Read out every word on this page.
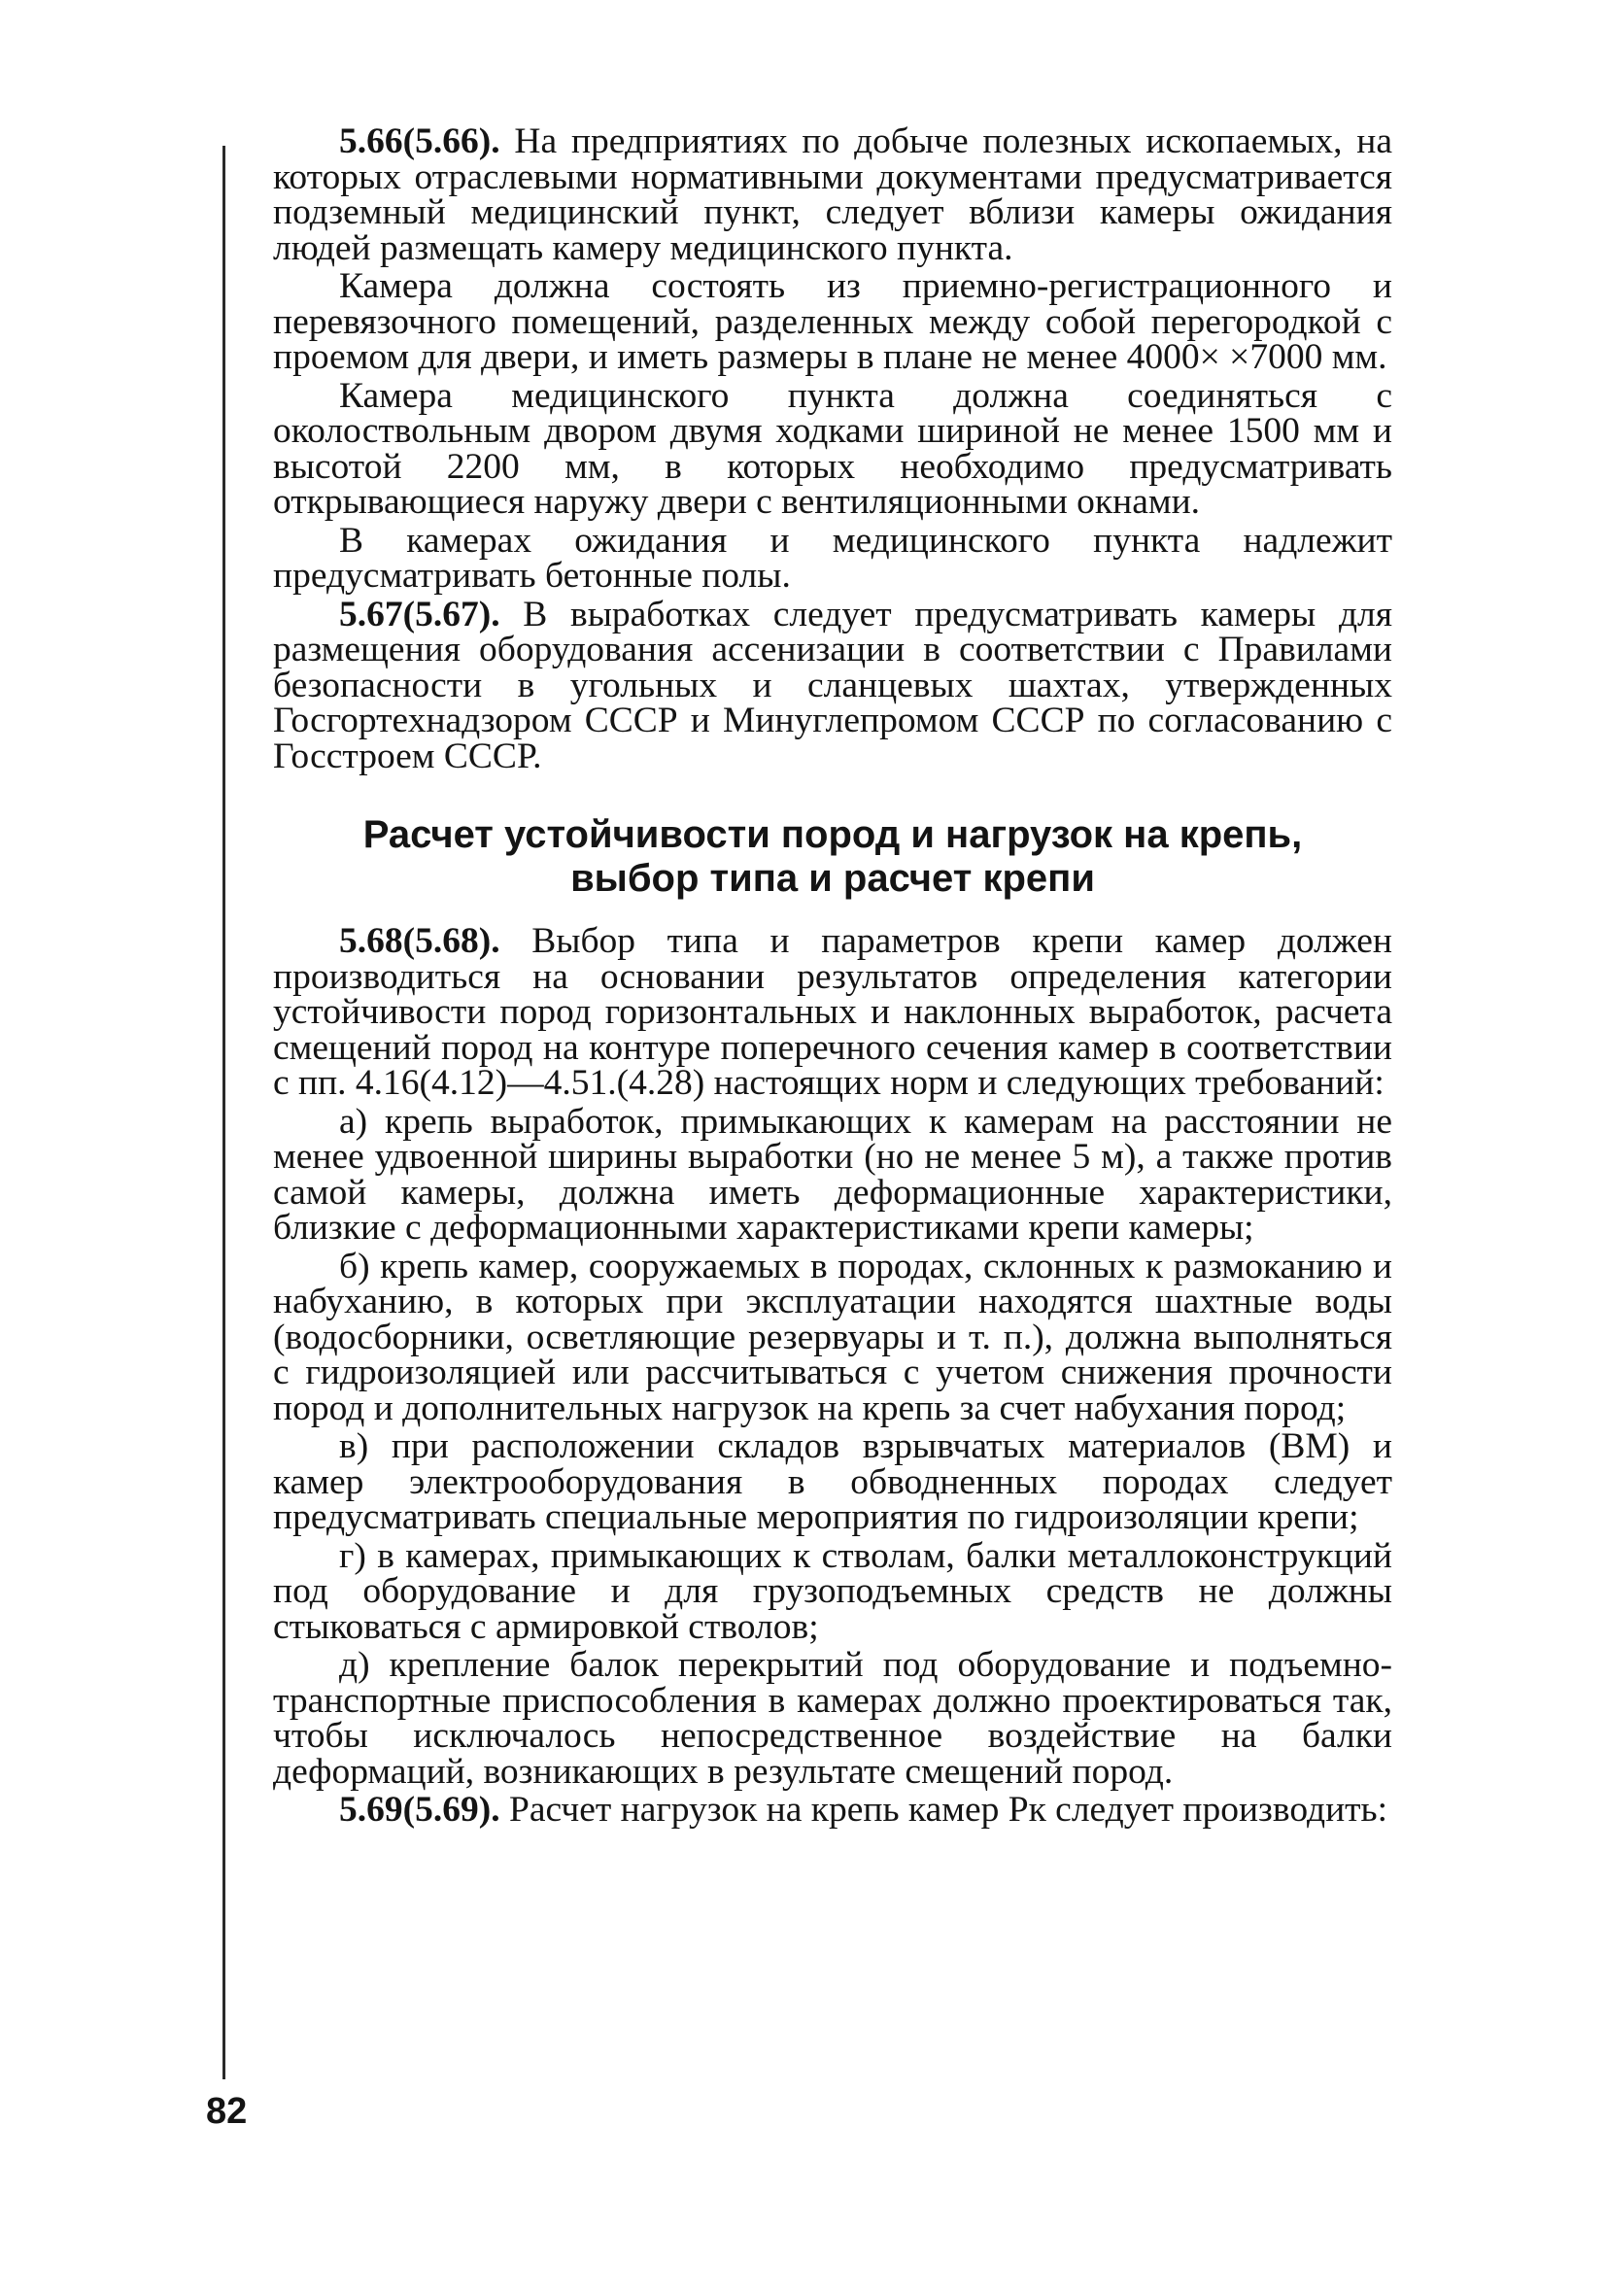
5.66(5.66). На предприятиях по добыче полезных ископаемых, на которых отраслевыми нормативными документами предусматривается подземный медицинский пункт, следует вблизи камеры ожидания людей размещать камеру медицинского пункта.

Камера должна состоять из приемно-регистрационного и перевязочного помещений, разделенных между собой перегородкой с проемом для двери, и иметь размеры в плане не менее 4000× ×7000 мм.

Камера медицинского пункта должна соединяться с околоствольным двором двумя ходками шириной не менее 1500 мм и высотой 2200 мм, в которых необходимо предусматривать открывающиеся наружу двери с вентиляционными окнами.

В камерах ожидания и медицинского пункта надлежит предусматривать бетонные полы.

5.67(5.67). В выработках следует предусматривать камеры для размещения оборудования ассенизации в соответствии с Правилами безопасности в угольных и сланцевых шахтах, утвержденных Госгортехнадзором СССР и Минуглепромом СССР по согласованию с Госстроем СССР.

Расчет устойчивости пород и нагрузок на крепь,
выбор типа и расчет крепи

5.68(5.68). Выбор типа и параметров крепи камер должен производиться на основании результатов определения категории устойчивости пород горизонтальных и наклонных выработок, расчета смещений пород на контуре поперечного сечения камер в соответствии с пп. 4.16(4.12)—4.51.(4.28) настоящих норм и следующих требований:

а) крепь выработок, примыкающих к камерам на расстоянии не менее удвоенной ширины выработки (но не менее 5 м), а также против самой камеры, должна иметь деформационные характеристики, близкие с деформационными характеристиками крепи камеры;

б) крепь камер, сооружаемых в породах, склонных к размоканию и набуханию, в которых при эксплуатации находятся шахтные воды (водосборники, осветляющие резервуары и т. п.), должна выполняться с гидроизоляцией или рассчитываться с учетом снижения прочности пород и дополнительных нагрузок на крепь за счет набухания пород;

в) при расположении складов взрывчатых материалов (ВМ) и камер электрооборудования в обводненных породах следует предусматривать специальные мероприятия по гидроизоляции крепи;

г) в камерах, примыкающих к стволам, балки металлоконструкций под оборудование и для грузоподъемных средств не должны стыковаться с армировкой стволов;

д) крепление балок перекрытий под оборудование и подъемно-транспортные приспособления в камерах должно проектироваться так, чтобы исключалось непосредственное воздействие на балки деформаций, возникающих в результате смещений пород.

5.69(5.69). Расчет нагрузок на крепь камер Pк следует производить:

82
